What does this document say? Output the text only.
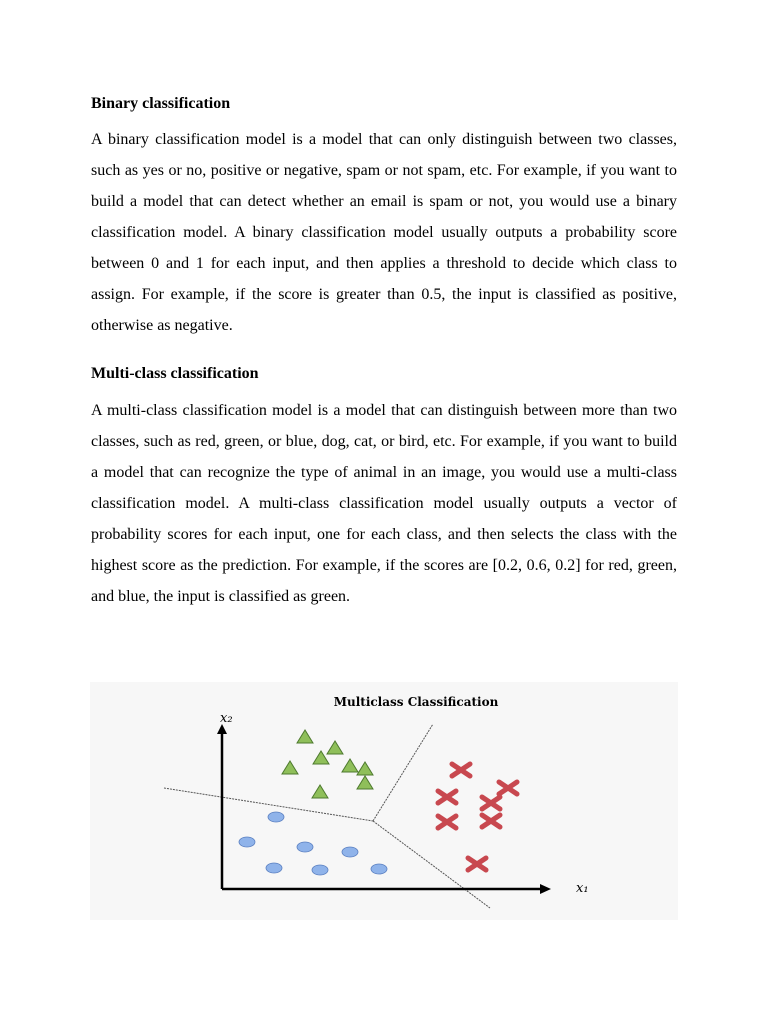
Binary classification

A binary classification model is a model that can only distinguish between two classes, such as yes or no, positive or negative, spam or not spam, etc. For example, if you want to build a model that can detect whether an email is spam or not, you would use a binary classification model. A binary classification model usually outputs a probability score between 0 and 1 for each input, and then applies a threshold to decide which class to assign. For example, if the score is greater than 0.5, the input is classified as positive, otherwise as negative.

Multi-class classification

A multi-class classification model is a model that can distinguish between more than two classes, such as red, green, or blue, dog, cat, or bird, etc. For example, if you want to build a model that can recognize the type of animal in an image, you would use a multi-class classification model. A multi-class classification model usually outputs a vector of probability scores for each input, one for each class, and then selects the class with the highest score as the prediction. For example, if the scores are [0.2, 0.6, 0.2] for red, green, and blue, the input is classified as green.

Multiclass Classification
x₂
x₁
